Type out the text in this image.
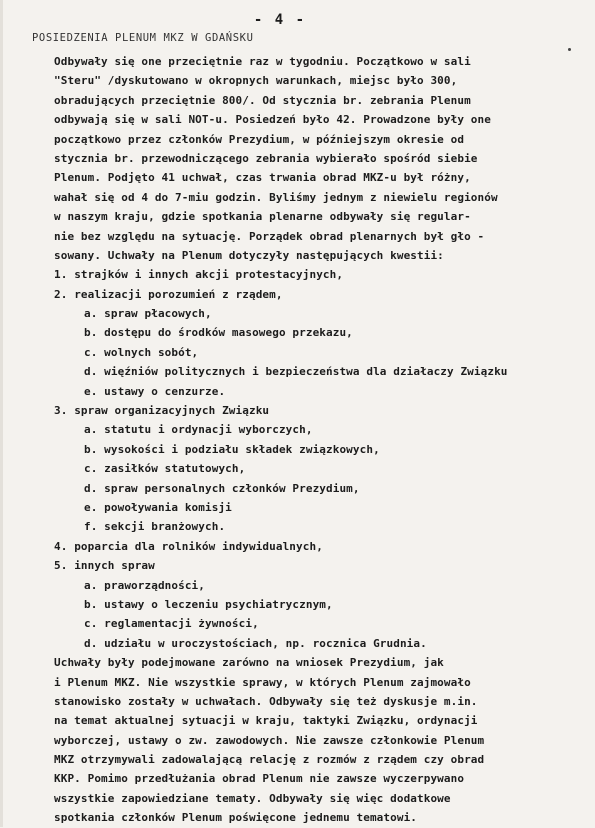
- 4 -
POSIEDZENIA PLENUM MKZ W GDAŃSKU
Odbywały się one przeciętnie raz w tygodniu. Początkowo w sali
"Steru" /dyskutowano w okropnych warunkach, miejsc było 300,
obradujących przeciętnie 800/. Od stycznia br. zebrania Plenum
odbywają się w sali NOT-u. Posiedzeń było 42. Prowadzone były one
początkowo przez członków Prezydium, w późniejszym okresie od
stycznia br. przewodniczącego zebrania wybierało spośród siebie
Plenum. Podjęto 41 uchwał, czas trwania obrad MKZ-u był różny,
wahał się od 4 do 7-miu godzin. Byliśmy jednym z niewielu regionów
w naszym kraju, gdzie spotkania plenarne odbywały się regular-
nie bez względu na sytuację. Porządek obrad plenarnych był gło -
sowany. Uchwały na Plenum dotyczyły następujących kwestii:
1. strajków i innych akcji protestacyjnych,
2. realizacji porozumień z rządem,
a. spraw płacowych,
b. dostępu do środków masowego przekazu,
c. wolnych sobót,
d. więźniów politycznych i bezpieczeństwa dla działaczy Związku
e. ustawy o cenzurze.
3. spraw organizacyjnych Związku
a. statutu i ordynacji wyborczych,
b. wysokości i podziału składek związkowych,
c. zasiłków statutowych,
d. spraw personalnych członków Prezydium,
e. powoływania komisji
f. sekcji branżowych.
4. poparcia dla rolników indywidualnych,
5. innych spraw
a. praworządności,
b. ustawy o leczeniu psychiatrycznym,
c. reglamentacji żywności,
d. udziału w uroczystościach, np. rocznica Grudnia.
Uchwały były podejmowane zarówno na wniosek Prezydium, jak
i Plenum MKZ. Nie wszystkie sprawy, w których Plenum zajmowało
stanowisko zostały w uchwałach. Odbywały się też dyskusje m.in.
na temat aktualnej sytuacji w kraju, taktyki Związku, ordynacji
wyborczej, ustawy o zw. zawodowych. Nie zawsze członkowie Plenum
MKZ otrzymywali zadowalającą relację z rozmów z rządem czy obrad
KKP. Pomimo przedłużania obrad Plenum nie zawsze wyczerpywano
wszystkie zapowiedziane tematy. Odbywały się więc dodatkowe
spotkania członków Plenum poświęcone jednemu tematowi.
